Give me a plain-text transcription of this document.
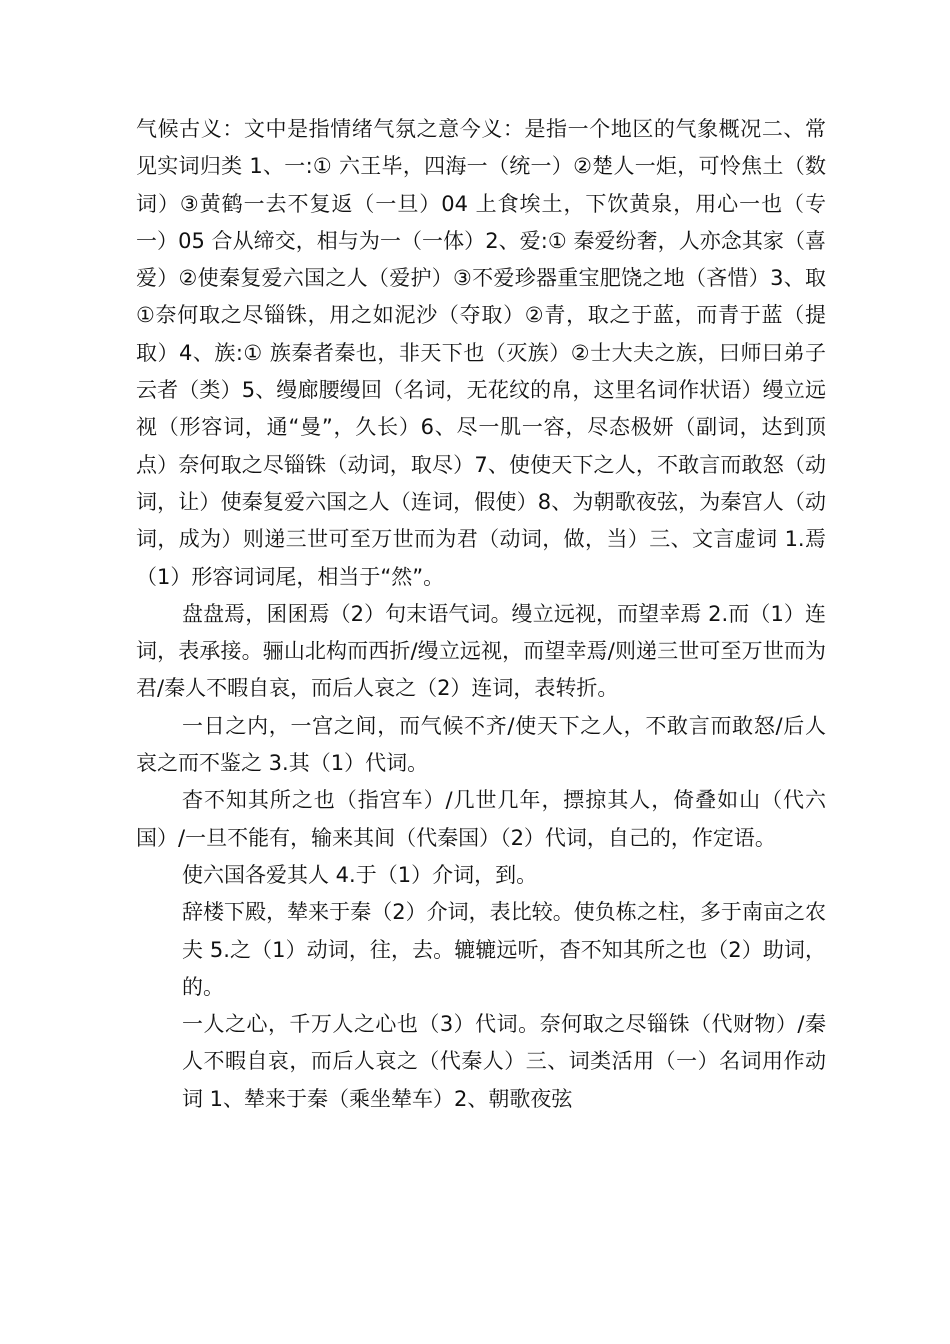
气候古义：文中是指情绪气氛之意今义：是指一个地区的气象概况二、常见实词归类 1、一:① 六王毕，四海一（统一）②楚人一炬，可怜焦土（数词）③黄鹤一去不复返（一旦）04 上食埃土，下饮黄泉，用心一也（专一）05 合从缔交，相与为一（一体）2、爱:① 秦爱纷奢，人亦念其家（喜爱）②使秦复爱六国之人（爱护）③不爱珍器重宝肥饶之地（吝惜）3、取①奈何取之尽锱铢，用之如泥沙（夺取）②青，取之于蓝，而青于蓝（提取）4、族:① 族秦者秦也，非天下也（灭族）②士大夫之族，曰师曰弟子云者（类）5、缦廊腰缦回（名词，无花纹的帛，这里名词作状语）缦立远视（形容词，通“曼”，久长）6、尽一肌一容，尽态极妍（副词，达到顶点）奈何取之尽锱铢（动词，取尽）7、使使天下之人，不敢言而敢怒（动词，让）使秦复爱六国之人（连词，假使）8、为朝歌夜弦，为秦宫人（动词，成为）则递三世可至万世而为君（动词，做，当）三、文言虚词 1.焉（1）形容词词尾，相当于“然”。

盘盘焉，囷囷焉（2）句末语气词。缦立远视，而望幸焉 2.而（1）连词，表承接。骊山北构而西折/缦立远视，而望幸焉/则递三世可至万世而为君/秦人不暇自哀，而后人哀之（2）连词，表转折。

一日之内，一宫之间，而气候不齐/使天下之人，不敢言而敢怒/后人哀之而不鉴之 3.其（1）代词。

杳不知其所之也（指宫车）/几世几年，摽掠其人，倚叠如山（代六国）/一旦不能有，输来其间（代秦国）（2）代词，自己的，作定语。

使六国各爱其人 4.于（1）介词，到。

辞楼下殿，辇来于秦（2）介词，表比较。使负栋之柱，多于南亩之农夫 5.之（1）动词，往，去。辘辘远听，杳不知其所之也（2）助词，的。

一人之心，千万人之心也（3）代词。奈何取之尽锱铢（代财物）/秦人不暇自哀，而后人哀之（代秦人）三、词类活用（一）名词用作动词 1、辇来于秦（乘坐辇车）2、朝歌夜弦
